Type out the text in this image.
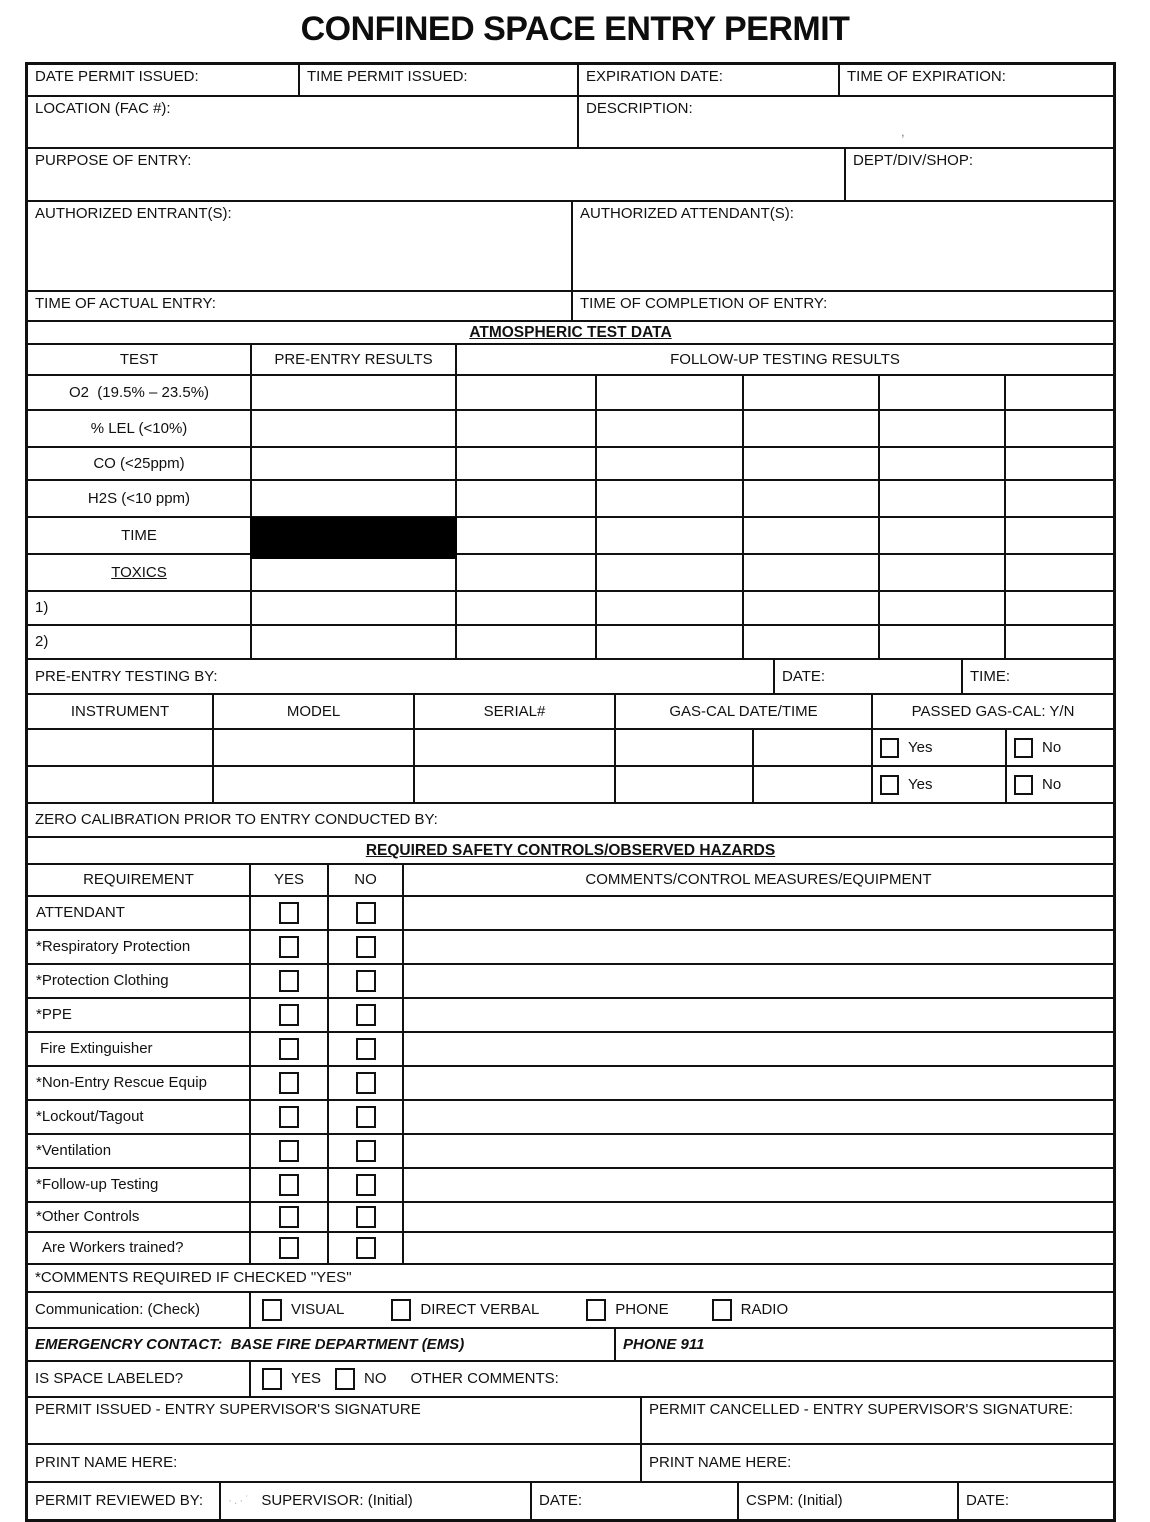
CONFINED SPACE ENTRY PERMIT
DATE PERMIT ISSUED:	TIME PERMIT ISSUED:	EXPIRATION DATE:	TIME OF EXPIRATION:
LOCATION (FAC #):	DESCRIPTION:
,
PURPOSE OF ENTRY:	DEPT/DIV/SHOP:
AUTHORIZED ENTRANT(S):	AUTHORIZED ATTENDANT(S):
TIME OF ACTUAL ENTRY:	TIME OF COMPLETION OF ENTRY:
ATMOSPHERIC TEST DATA
TEST	PRE-ENTRY RESULTS	FOLLOW-UP TESTING RESULTS
O2  (19.5% – 23.5%)
% LEL (<10%)
CO (<25ppm)
H2S (<10 ppm)
TIME
TOXICS
1)
2)
PRE-ENTRY TESTING BY:	DATE:	TIME:
INSTRUMENT	MODEL	SERIAL#	GAS-CAL DATE/TIME	PASSED GAS-CAL: Y/N
Yes	No
Yes	No
ZERO CALIBRATION PRIOR TO ENTRY CONDUCTED BY:
REQUIRED SAFETY CONTROLS/OBSERVED HAZARDS
REQUIREMENT	YES	NO	COMMENTS/CONTROL MEASURES/EQUIPMENT
ATTENDANT
*Respiratory Protection
*Protection Clothing
*PPE
Fire Extinguisher
*Non-Entry Rescue Equip
*Lockout/Tagout
*Ventilation
*Follow-up Testing
*Other Controls
Are Workers trained?
*COMMENTS REQUIRED IF CHECKED "YES"
Communication: (Check)	VISUAL	DIRECT VERBAL	PHONE	RADIO
EMERGENCRY CONTACT:  BASE FIRE DEPARTMENT (EMS)	PHONE 911
IS SPACE LABELED?	YES	NO OTHER COMMENTS:
PERMIT ISSUED - ENTRY SUPERVISOR'S SIGNATURE	PERMIT CANCELLED - ENTRY SUPERVISOR'S SIGNATURE:
PRINT NAME HERE:	PRINT NAME HERE:
PERMIT REVIEWED BY: ·.·˙ SUPERVISOR: (Initial)	DATE:	CSPM: (Initial)	DATE:
